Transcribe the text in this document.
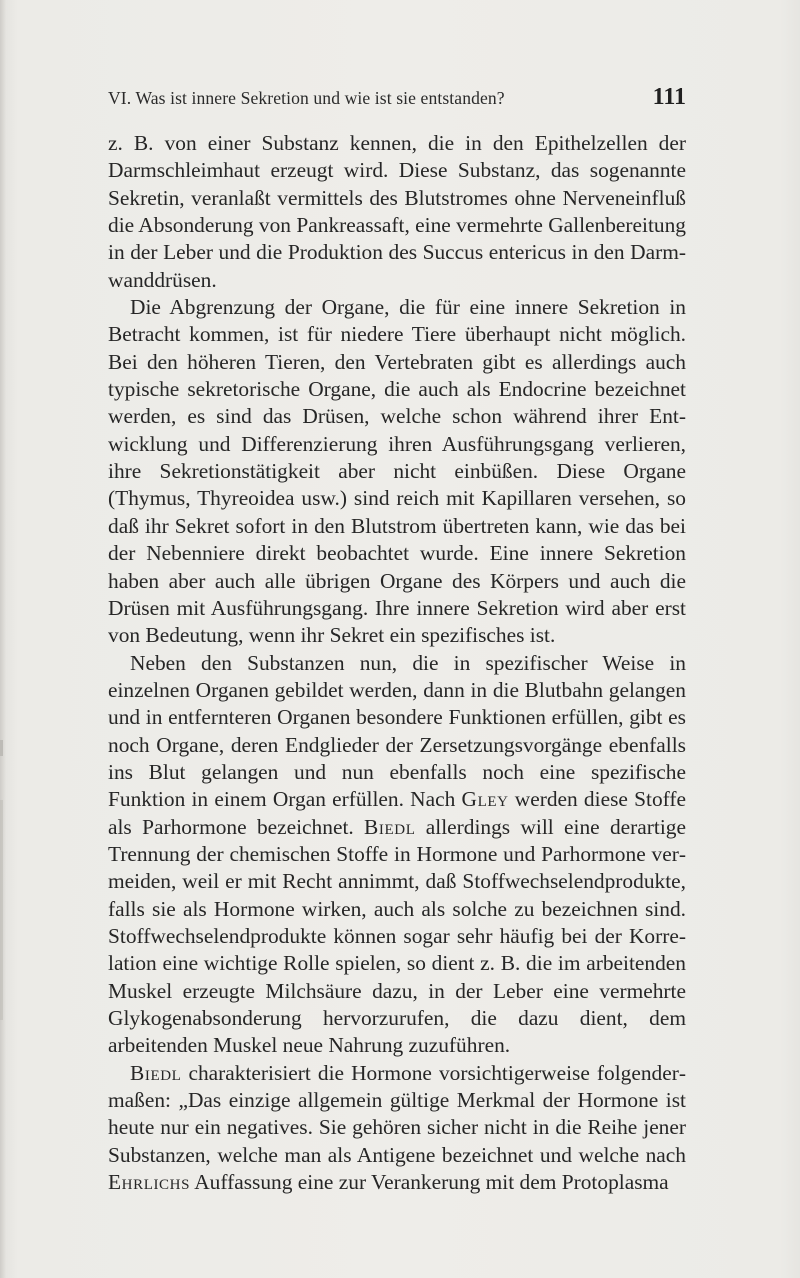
VI. Was ist innere Sekretion und wie ist sie entstanden?	111

z. B. von einer Substanz kennen, die in den Epithelzellen der Darmschleimhaut erzeugt wird. Diese Substanz, das sogenannte Sekretin, veranlaßt vermittels des Blutstromes ohne Nerveneinfluß die Absonderung von Pankreassaft, eine vermehrte Gallenbereitung in der Leber und die Produktion des Succus entericus in den Darmwanddrüsen.

Die Abgrenzung der Organe, die für eine innere Sekretion in Betracht kommen, ist für niedere Tiere überhaupt nicht möglich. Bei den höheren Tieren, den Vertebraten gibt es allerdings auch typische sekretorische Organe, die auch als Endocrine bezeichnet werden, es sind das Drüsen, welche schon während ihrer Entwicklung und Differenzierung ihren Ausführungsgang verlieren, ihre Sekretionstätigkeit aber nicht einbüßen. Diese Organe (Thymus, Thyreoidea usw.) sind reich mit Kapillaren versehen, so daß ihr Sekret sofort in den Blutstrom übertreten kann, wie das bei der Nebenniere direkt beobachtet wurde. Eine innere Sekretion haben aber auch alle übrigen Organe des Körpers und auch die Drüsen mit Ausführungsgang. Ihre innere Sekretion wird aber erst von Bedeutung, wenn ihr Sekret ein spezifisches ist.

Neben den Substanzen nun, die in spezifischer Weise in einzelnen Organen gebildet werden, dann in die Blutbahn gelangen und in entfernteren Organen besondere Funktionen erfüllen, gibt es noch Organe, deren Endglieder der Zersetzungsvorgänge ebenfalls ins Blut gelangen und nun ebenfalls noch eine spezifische Funktion in einem Organ erfüllen. Nach Gley werden diese Stoffe als Parhormone bezeichnet. Biedl allerdings will eine derartige Trennung der chemischen Stoffe in Hormone und Parhormone vermeiden, weil er mit Recht annimmt, daß Stoffwechselendprodukte, falls sie als Hormone wirken, auch als solche zu bezeichnen sind. Stoffwechselendprodukte können sogar sehr häufig bei der Korrelation eine wichtige Rolle spielen, so dient z. B. die im arbeitenden Muskel erzeugte Milchsäure dazu, in der Leber eine vermehrte Glykogenabsonderung hervorzurufen, die dazu dient, dem arbeitenden Muskel neue Nahrung zuzuführen.

Biedl charakterisiert die Hormone vorsichtigerweise folgendermaßen: „Das einzige allgemein gültige Merkmal der Hormone ist heute nur ein negatives. Sie gehören sicher nicht in die Reihe jener Substanzen, welche man als Antigene bezeichnet und welche nach Ehrlichs Auffassung eine zur Verankerung mit dem Protoplasma
